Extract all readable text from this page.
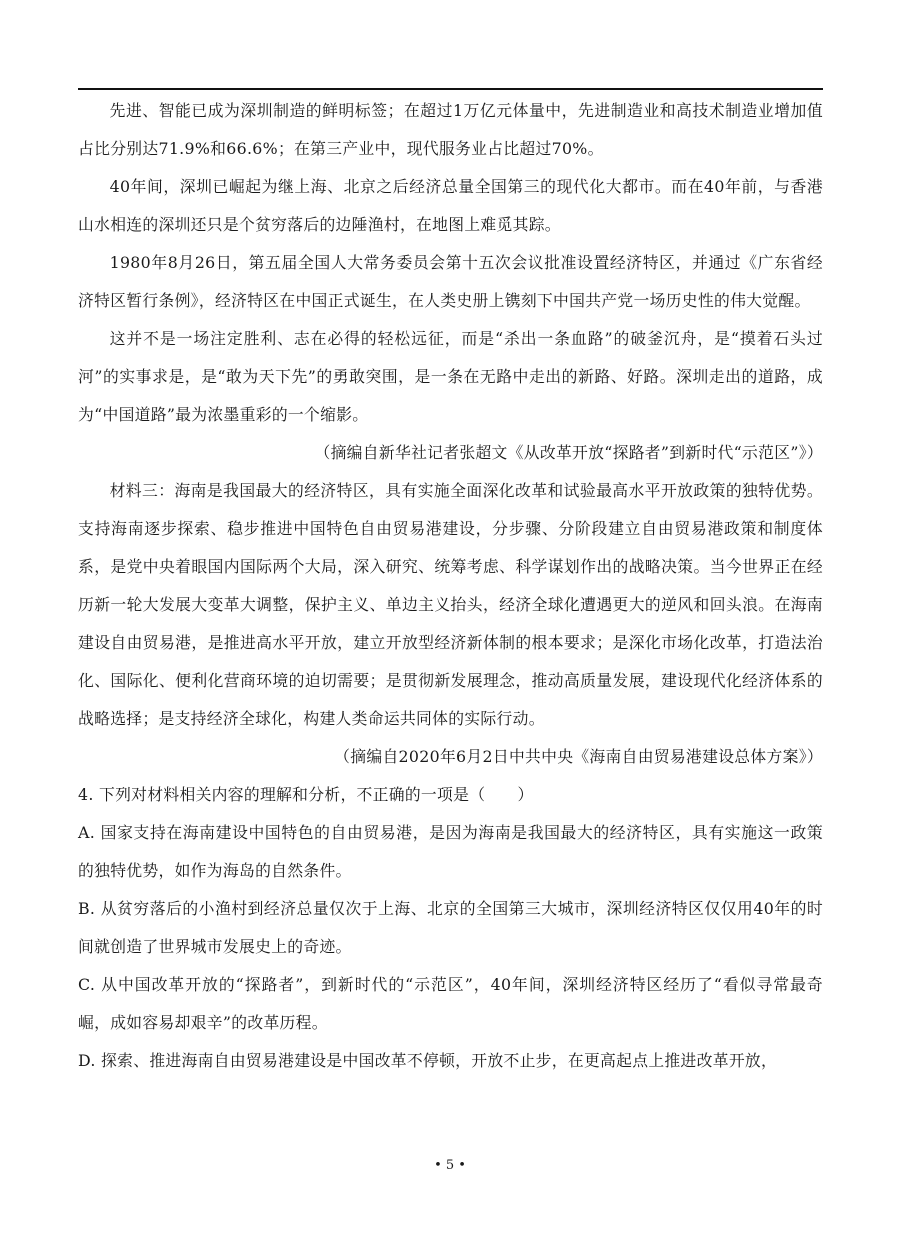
先进、智能已成为深圳制造的鲜明标签；在超过1万亿元体量中，先进制造业和高技术制造业增加值占比分别达71.9%和66.6%；在第三产业中，现代服务业占比超过70%。

40年间，深圳已崛起为继上海、北京之后经济总量全国第三的现代化大都市。而在40年前，与香港山水相连的深圳还只是个贫穷落后的边陲渔村，在地图上难觅其踪。

1980年8月26日，第五届全国人大常务委员会第十五次会议批准设置经济特区，并通过《广东省经济特区暂行条例》，经济特区在中国正式诞生，在人类史册上镌刻下中国共产党一场历史性的伟大觉醒。

这并不是一场注定胜利、志在必得的轻松远征，而是“杀出一条血路”的破釜沉舟，是“摸着石头过河”的实事求是，是“敢为天下先”的勇敢突围，是一条在无路中走出的新路、好路。深圳走出的道路，成为“中国道路”最为浓墨重彩的一个缩影。

（摘编自新华社记者张超文《从改革开放“探路者”到新时代“示范区”》）

材料三：海南是我国最大的经济特区，具有实施全面深化改革和试验最高水平开放政策的独特优势。支持海南逐步探索、稳步推进中国特色自由贸易港建设，分步骤、分阶段建立自由贸易港政策和制度体系，是党中央着眼国内国际两个大局，深入研究、统筹考虑、科学谋划作出的战略决策。当今世界正在经历新一轮大发展大变革大调整，保护主义、单边主义抬头，经济全球化遭遇更大的逆风和回头浪。在海南建设自由贸易港，是推进高水平开放，建立开放型经济新体制的根本要求；是深化市场化改革，打造法治化、国际化、便利化营商环境的迫切需要；是贯彻新发展理念，推动高质量发展，建设现代化经济体系的战略选择；是支持经济全球化，构建人类命运共同体的实际行动。

（摘编自2020年6月2日中共中央《海南自由贸易港建设总体方案》）

4. 下列对材料相关内容的理解和分析，不正确的一项是（　　）

A. 国家支持在海南建设中国特色的自由贸易港，是因为海南是我国最大的经济特区，具有实施这一政策的独特优势，如作为海岛的自然条件。

B. 从贫穷落后的小渔村到经济总量仅次于上海、北京的全国第三大城市，深圳经济特区仅仅用40年的时间就创造了世界城市发展史上的奇迹。

C. 从中国改革开放的“探路者”，到新时代的“示范区”，40年间，深圳经济特区经历了“看似寻常最奇崛，成如容易却艰辛”的改革历程。

D. 探索、推进海南自由贸易港建设是中国改革不停顿，开放不止步，在更高起点上推进改革开放，

• 5 •
